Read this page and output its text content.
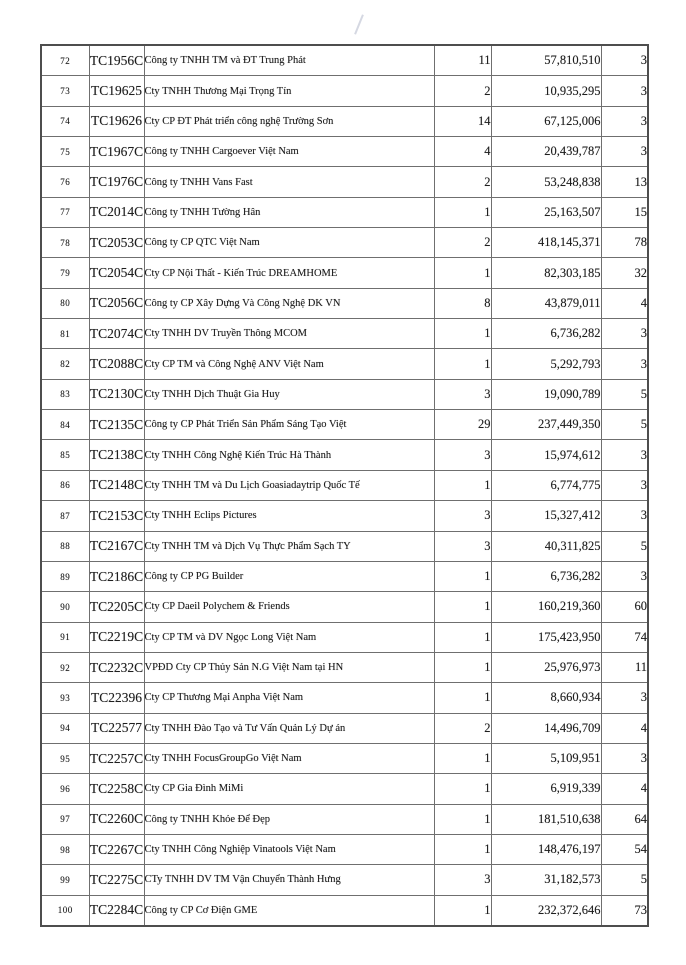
72	TC1956C	Công ty TNHH TM và ĐT Trung Phát	11	57,810,510	3
73	TC19625	Cty TNHH Thương Mại Trọng Tín	2	10,935,295	3
74	TC19626	Cty CP ĐT Phát triển công nghệ Trường Sơn	14	67,125,006	3
75	TC1967C	Công ty TNHH Cargoever Việt Nam	4	20,439,787	3
76	TC1976C	Công ty TNHH Vans Fast	2	53,248,838	13
77	TC2014C	Công ty TNHH Tường Hân	1	25,163,507	15
78	TC2053C	Công ty CP QTC Việt Nam	2	418,145,371	78
79	TC2054C	Cty CP Nội Thất - Kiến Trúc DREAMHOME	1	82,303,185	32
80	TC2056C	Công ty CP Xây Dựng Và Công Nghệ DK VN	8	43,879,011	4
81	TC2074C	Cty TNHH DV Truyền Thông MCOM	1	6,736,282	3
82	TC2088C	Cty CP TM và Công Nghệ ANV Việt Nam	1	5,292,793	3
83	TC2130C	Cty TNHH Dịch Thuật Gia Huy	3	19,090,789	5
84	TC2135C	Công ty CP Phát Triển Sản Phẩm Sáng Tạo Việt	29	237,449,350	5
85	TC2138C	Cty TNHH Công Nghệ Kiến Trúc Hà Thành	3	15,974,612	3
86	TC2148C	Cty TNHH TM và Du Lịch Goasiadaytrip Quốc Tế	1	6,774,775	3
87	TC2153C	Cty TNHH Eclips Pictures	3	15,327,412	3
88	TC2167C	Cty TNHH TM và Dịch Vụ Thực Phẩm Sạch TY	3	40,311,825	5
89	TC2186C	Công ty CP PG Builder	1	6,736,282	3
90	TC2205C	Cty CP Daeil Polychem & Friends	1	160,219,360	60
91	TC2219C	Cty CP TM và DV Ngọc Long Việt Nam	1	175,423,950	74
92	TC2232C	VPĐD Cty CP Thủy Sản N.G Việt Nam tại HN	1	25,976,973	11
93	TC22396	Cty CP Thương Mại Anpha Việt Nam	1	8,660,934	3
94	TC22577	Cty TNHH Đào Tạo và Tư Vấn Quản Lý Dự án	2	14,496,709	4
95	TC2257C	Cty TNHH FocusGroupGo Việt Nam	1	5,109,951	3
96	TC2258C	Cty CP Gia Đình MiMi	1	6,919,339	4
97	TC2260C	Công ty TNHH Khỏe Để Đẹp	1	181,510,638	64
98	TC2267C	Cty TNHH Công Nghiệp Vinatools Việt Nam	1	148,476,197	54
99	TC2275C	CTy TNHH DV TM Vận Chuyển Thành Hưng	3	31,182,573	5
100	TC2284C	Công ty CP Cơ Điện GME	1	232,372,646	73
